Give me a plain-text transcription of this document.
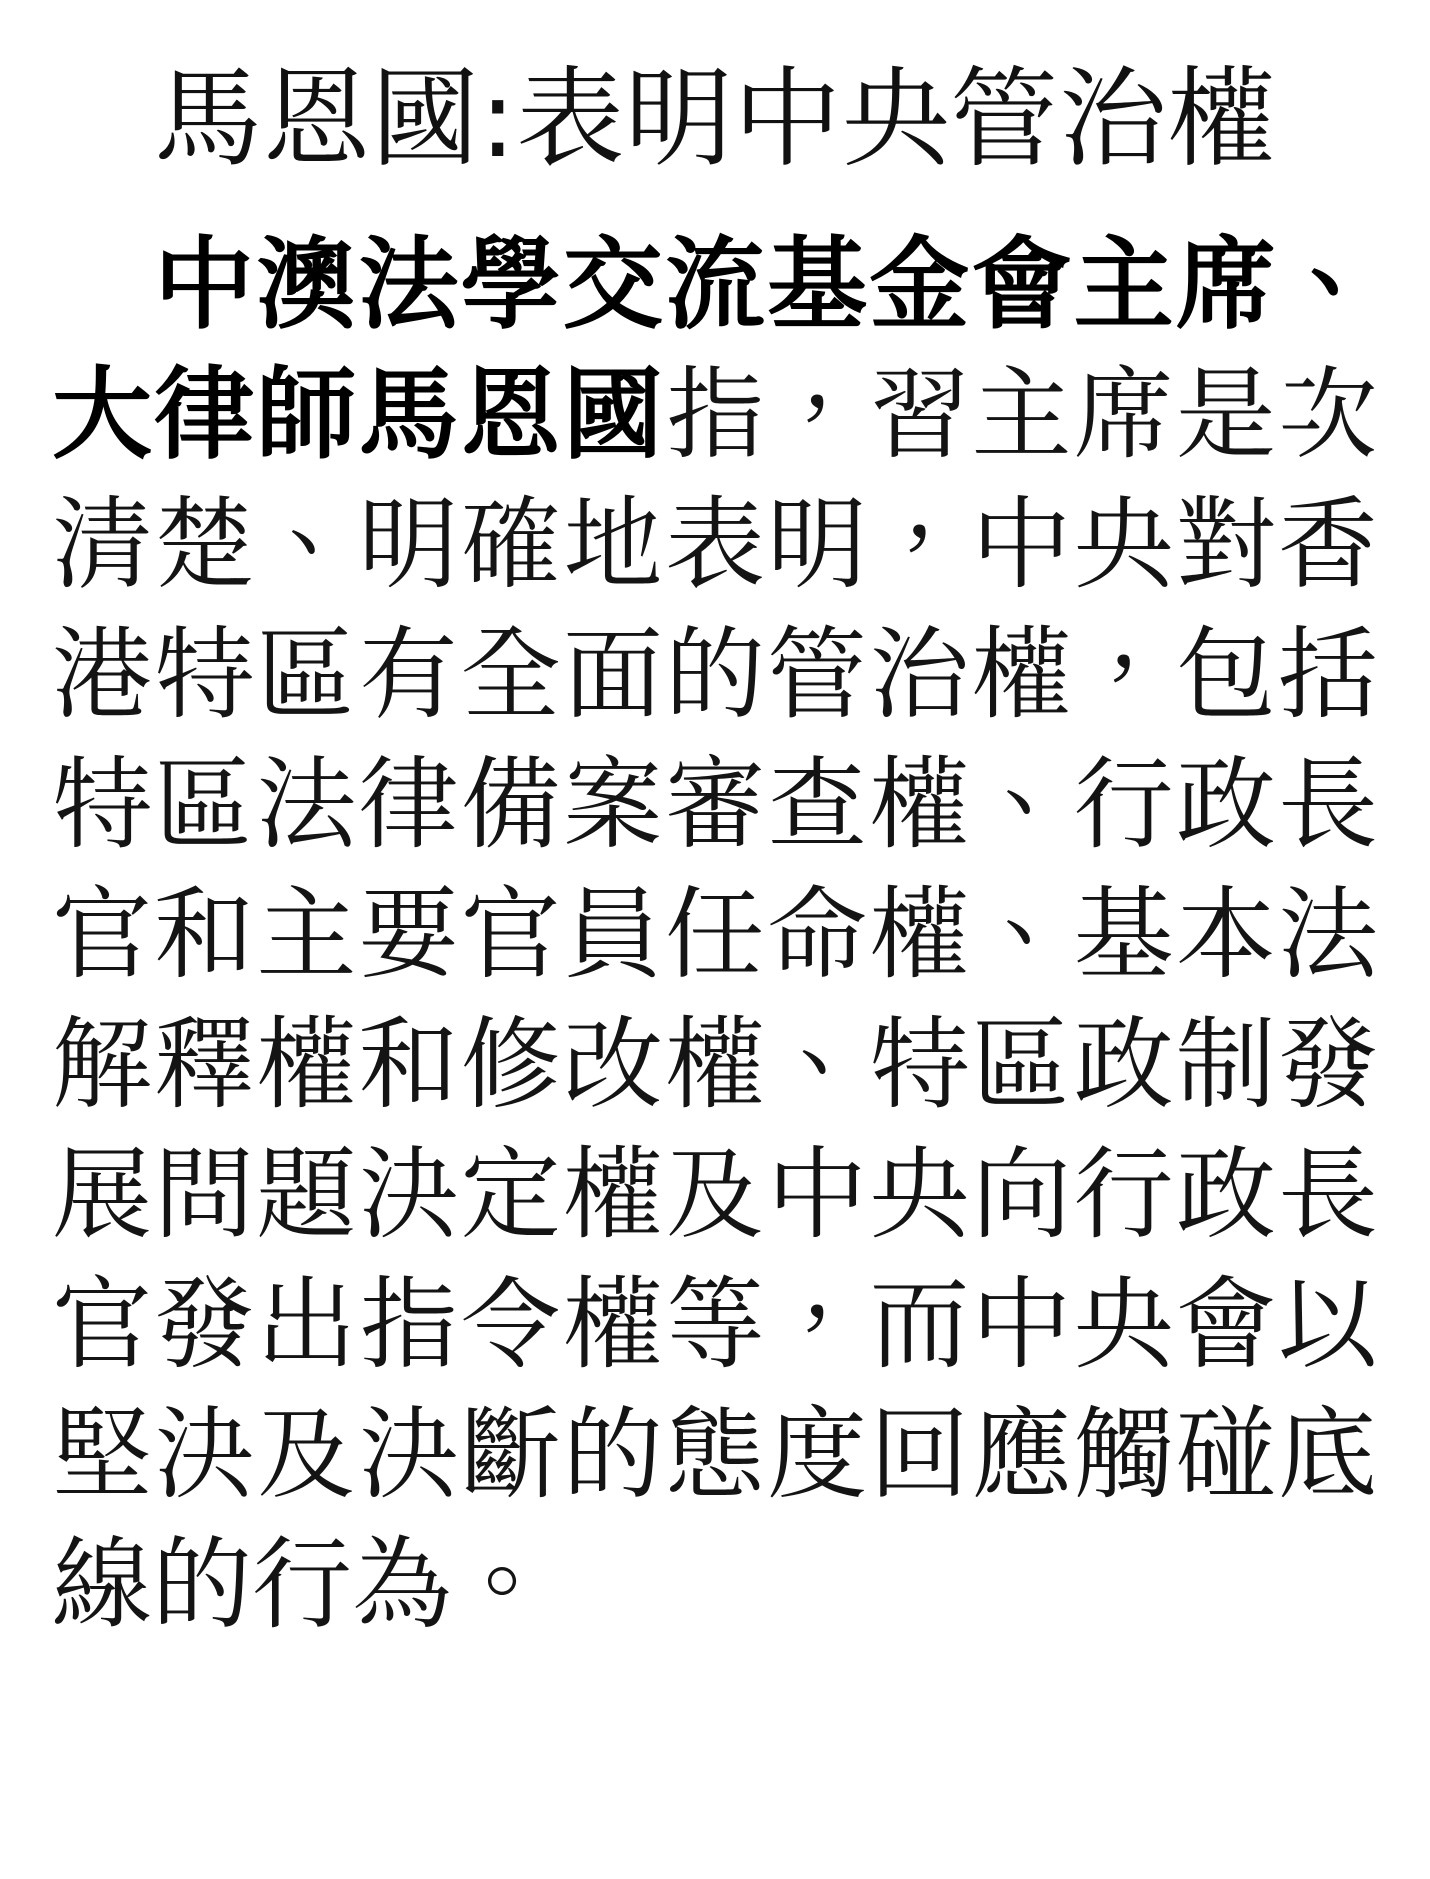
馬恩國:表明中央管治權
中澳法學交流基金會主席、大律師馬恩國指，習主席是次清楚、明確地表明，中央對香港特區有全面的管治權，包括特區法律備案審查權、行政長官和主要官員任命權、基本法解釋權和修改權、特區政制發展問題決定權及中央向行政長官發出指令權等，而中央會以堅決及決斷的態度回應觸碰底線的行為。
